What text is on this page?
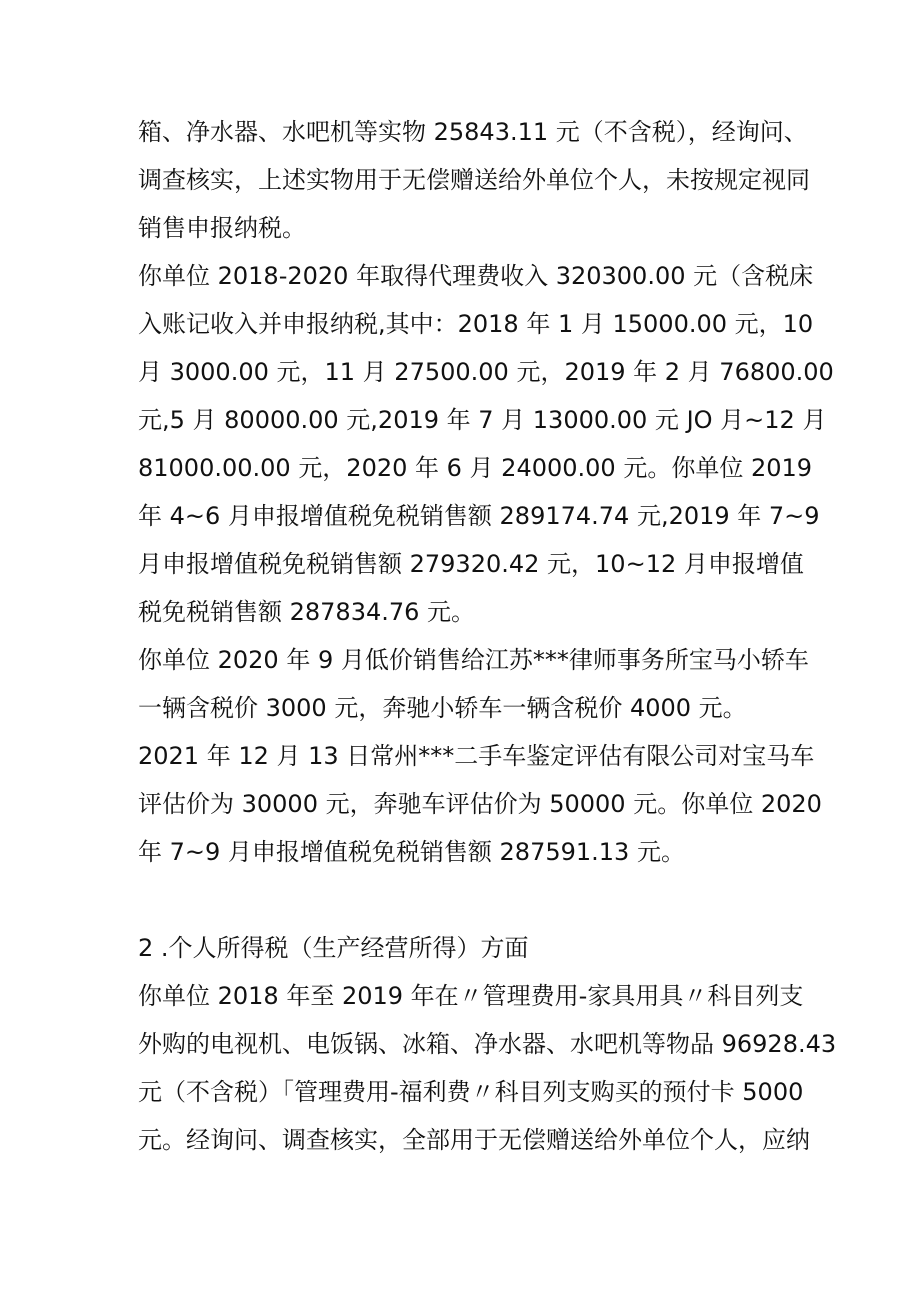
箱、净水器、水吧机等实物 25843.11 元（不含税），经询问、
调查核实，上述实物用于无偿赠送给外单位个人，未按规定视同
销售申报纳税。

你单位 2018-2020 年取得代理费收入 320300.00 元（含税床
入账记收入并申报纳税,其中：2018 年 1 月 15000.00 元，10
月 3000.00 元，11 月 27500.00 元，2019 年 2 月 76800.00
元,5 月 80000.00 元,2019 年 7 月 13000.00 元 JO 月~12 月
81000.00.00 元，2020 年 6 月 24000.00 元。你单位 2019
年 4~6 月申报增值税免税销售额 289174.74 元,2019 年 7~9
月申报增值税免税销售额 279320.42 元，10~12 月申报增值
税免税销售额 287834.76 元。

你单位 2020 年 9 月低价销售给江苏***律师事务所宝马小轿车
一辆含税价 3000 元，奔驰小轿车一辆含税价 4000 元。

2021 年 12 月 13 日常州***二手车鉴定评估有限公司对宝马车
评估价为 30000 元，奔驰车评估价为 50000 元。你单位 2020
年 7~9 月申报增值税免税销售额 287591.13 元。

2 .个人所得税（生产经营所得）方面

你单位 2018 年至 2019 年在〃管理费用-家具用具〃科目列支
外购的电视机、电饭锅、冰箱、净水器、水吧机等物品 96928.43
元（不含税）「管理费用-福利费〃科目列支购买的预付卡 5000
元。经询问、调查核实，全部用于无偿赠送给外单位个人，应纳
